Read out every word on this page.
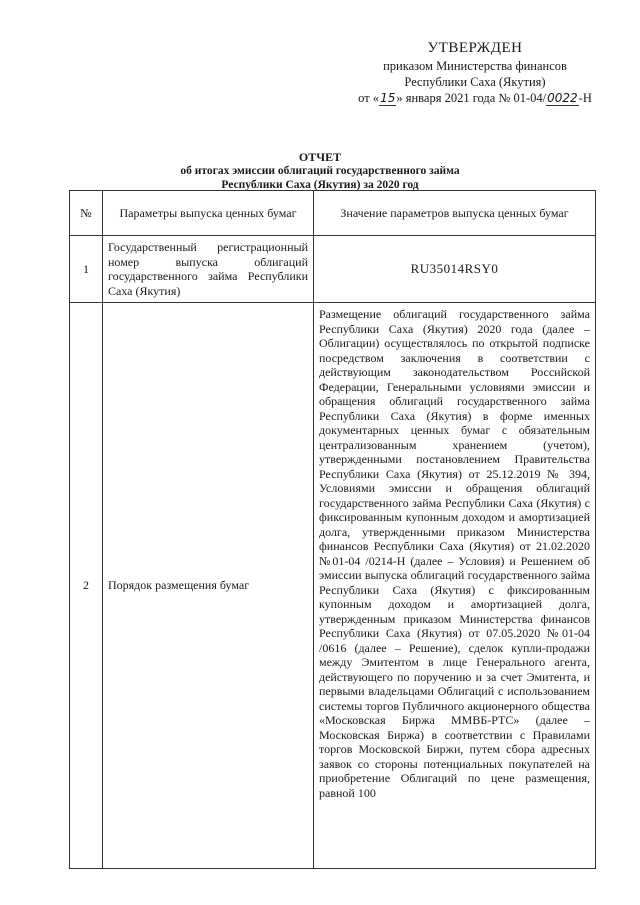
УТВЕРЖДЕН
приказом Министерства финансов
Республики Саха (Якутия)
от «15» января 2021 года № 01-04/0022-Н
ОТЧЕТ
об итогах эмиссии облигаций государственного займа
Республики Саха (Якутия) за 2020 год
№	Параметры выпуска ценных бумаг	Значение параметров выпуска ценных бумаг
1	Государственный регистрационный номер выпуска облигаций государственного займа Республики Саха (Якутия)	RU35014RSY0
2	Порядок размещения бумаг	Размещение облигаций государственного займа Республики Саха (Якутия) 2020 года (далее – Облигации) осуществлялось по открытой подписке посредством заключения в соответствии с действующим законодательством Российской Федерации, Генеральными условиями эмиссии и обращения облигаций государственного займа Республики Саха (Якутия) в форме именных документарных ценных бумаг с обязательным централизованным хранением (учетом), утвержденными постановлением Правительства Республики Саха (Якутия) от 25.12.2019 № 394, Условиями эмиссии и обращения облигаций государственного займа Республики Саха (Якутия) с фиксированным купонным доходом и амортизацией долга, утвержденными приказом Министерства финансов Республики Саха (Якутия) от 21.02.2020 №01-04 /0214-Н (далее – Условия) и Решением об эмиссии выпуска облигаций государственного займа Республики Саха (Якутия) с фиксированным купонным доходом и амортизацией долга, утвержденным приказом Министерства финансов Республики Саха (Якутия) от 07.05.2020 №01-04 /0616 (далее – Решение), сделок купли-продажи между Эмитентом в лице Генерального агента, действующего по поручению и за счет Эмитента, и первыми владельцами Облигаций с использованием системы торгов Публичного акционерного общества «Московская Биржа ММВБ-РТС» (далее – Московская Биржа) в соответствии с Правилами торгов Московской Биржи, путем сбора адресных заявок со стороны потенциальных покупателей на приобретение Облигаций по цене размещения, равной 100
